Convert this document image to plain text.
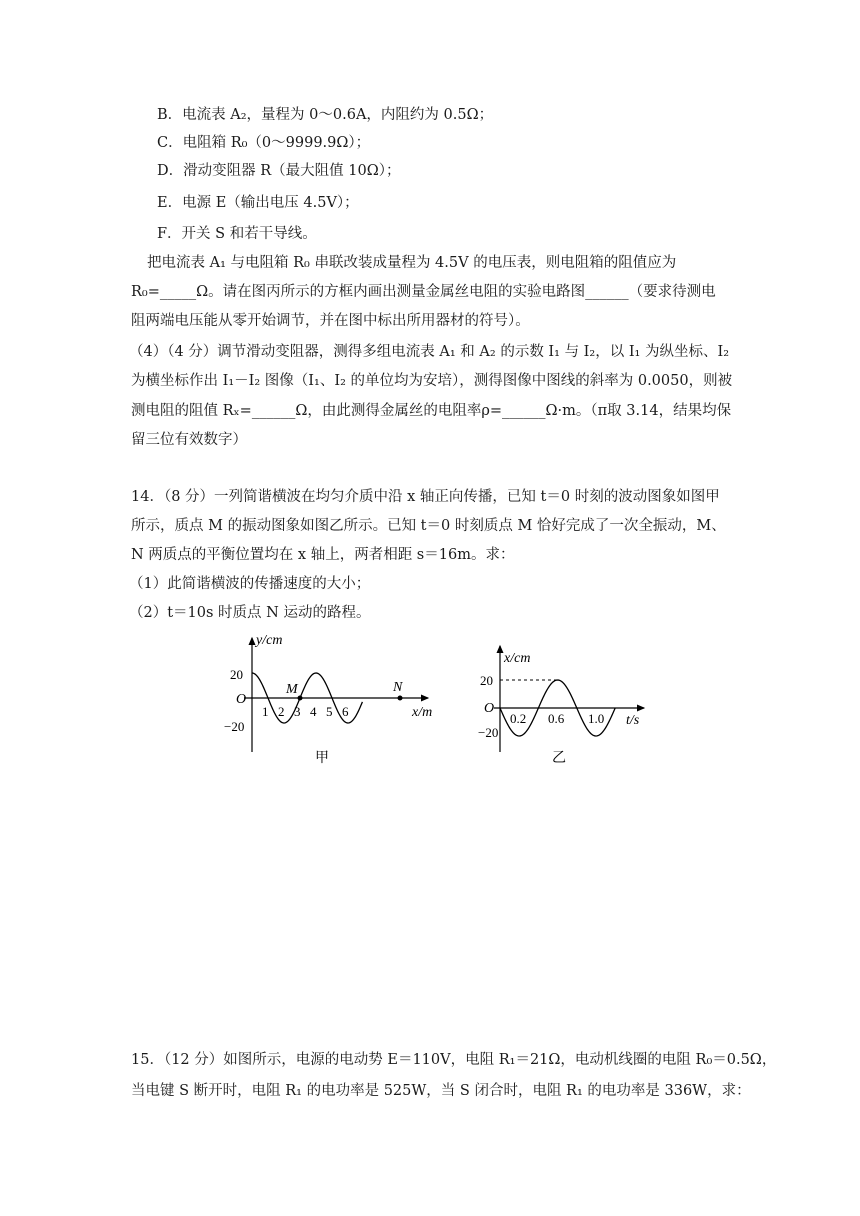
B．电流表 A₂，量程为 0～0.6A，内阻约为 0.5Ω；
C．电阻箱 R₀（0～9999.9Ω）；
D．滑动变阻器 R（最大阻值 10Ω）；
E．电源 E（输出电压 4.5V）；
F．开关 S 和若干导线。
把电流表 A₁ 与电阻箱 R₀ 串联改装成量程为 4.5V 的电压表，则电阻箱的阻值应为
R₀=_____Ω。请在图丙所示的方框内画出测量金属丝电阻的实验电路图______（要求待测电
阻两端电压能从零开始调节，并在图中标出所用器材的符号）。
（4）（4 分）调节滑动变阻器，测得多组电流表 A₁ 和 A₂ 的示数 I₁ 与 I₂，以 I₁ 为纵坐标、I₂
为横坐标作出 I₁－I₂ 图像（I₁、I₂ 的单位均为安培），测得图像中图线的斜率为 0.0050，则被
测电阻的阻值 Rₓ=______Ω，由此测得金属丝的电阻率ρ=______Ω·m。（π取 3.14，结果均保
留三位有效数字）
14．（8 分）一列简谐横波在均匀介质中沿 x 轴正向传播，已知 t＝0 时刻的波动图象如图甲
所示，质点 M 的振动图象如图乙所示。已知 t＝0 时刻质点 M 恰好完成了一次全振动，M、
N 两质点的平衡位置均在 x 轴上，两者相距 s＝16m。求：
（1）此简谐横波的传播速度的大小；
（2）t＝10s 时质点 N 运动的路程。
15．（12 分）如图所示，电源的电动势 E＝110V，电阻 R₁＝21Ω，电动机线圈的电阻 R₀＝0.5Ω，
当电键 S 断开时，电阻 R₁ 的电功率是 525W，当 S 闭合时，电阻 R₁ 的电功率是 336W，求：
y/cm
x/m
O
20
−20
1 2 3 4 5 6
M	N
甲
x/cm
t/s
O
20
−20
0.2 0.6 1.0
乙
